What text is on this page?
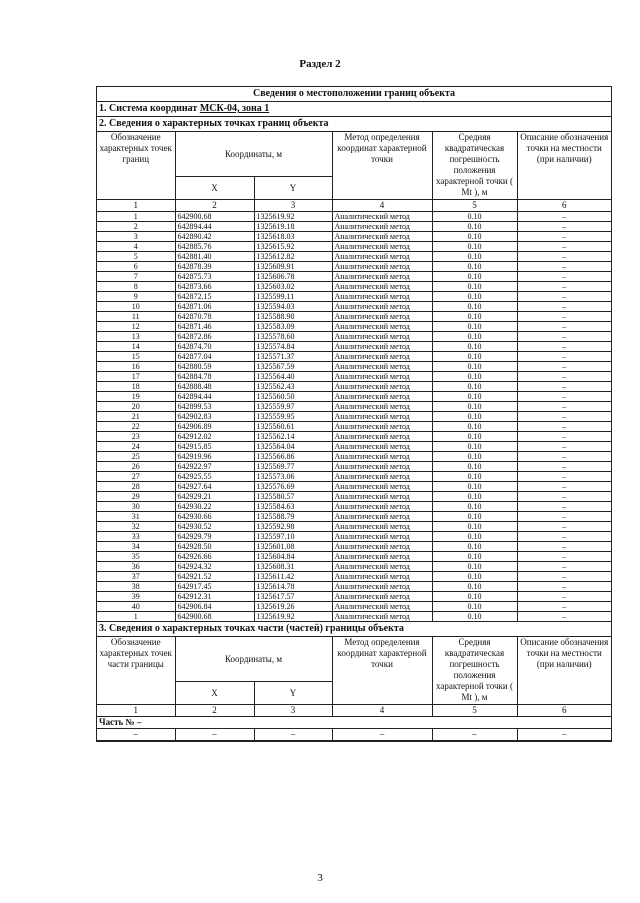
Раздел 2
Сведения о местоположении границ объекта
1. Система координат МСК-04, зона 1
2. Сведения о характерных точках границ объекта
Обозначение характерных точек границ	Координаты, м		Метод определения координат характерной точки	Средняя квадратическая погрешность положения характерной точки ( Mt ), м	Описание обозначения точки на местности (при наличии)
	X	Y			
1	2	3	4	5	6
1	642900.68	1325619.92	Аналитический метод	0.10	–
2	642894.44	1325619.18	Аналитический метод	0.10	–
3	642890.42	1325618.03	Аналитический метод	0.10	–
4	642885.76	1325615.92	Аналитический метод	0.10	–
5	642881.40	1325612.82	Аналитический метод	0.10	–
6	642878.39	1325609.91	Аналитический метод	0.10	–
7	642875.73	1325606.78	Аналитический метод	0.10	–
8	642873.66	1325603.02	Аналитический метод	0.10	–
9	642872.15	1325599.11	Аналитический метод	0.10	–
10	642871.06	1325594.03	Аналитический метод	0.10	–
11	642870.78	1325588.90	Аналитический метод	0.10	–
12	642871.46	1325583.09	Аналитический метод	0.10	–
13	642872.86	1325578.60	Аналитический метод	0.10	–
14	642874.70	1325574.84	Аналитический метод	0.10	–
15	642877.04	1325571.37	Аналитический метод	0.10	–
16	642880.59	1325567.59	Аналитический метод	0.10	–
17	642884.78	1325564.40	Аналитический метод	0.10	–
18	642888.48	1325562.43	Аналитический метод	0.10	–
19	642894.44	1325560.50	Аналитический метод	0.10	–
20	642899.53	1325559.97	Аналитический метод	0.10	–
21	642902.83	1325559.95	Аналитический метод	0.10	–
22	642906.89	1325560.61	Аналитический метод	0.10	–
23	642912.02	1325562.14	Аналитический метод	0.10	–
24	642915.85	1325564.04	Аналитический метод	0.10	–
25	642919.96	1325566.86	Аналитический метод	0.10	–
26	642922.97	1325569.77	Аналитический метод	0.10	–
27	642925.55	1325573.06	Аналитический метод	0.10	–
28	642927.64	1325576.69	Аналитический метод	0.10	–
29	642929.21	1325580.57	Аналитический метод	0.10	–
30	642930.22	1325584.63	Аналитический метод	0.10	–
31	642930.66	1325588.79	Аналитический метод	0.10	–
32	642930.52	1325592.98	Аналитический метод	0.10	–
33	642929.79	1325597.10	Аналитический метод	0.10	–
34	642928.50	1325601.08	Аналитический метод	0.10	–
35	642926.66	1325604.84	Аналитический метод	0.10	–
36	642924.32	1325608.31	Аналитический метод	0.10	–
37	642921.52	1325611.42	Аналитический метод	0.10	–
38	642917.45	1325614.78	Аналитический метод	0.10	–
39	642912.31	1325617.57	Аналитический метод	0.10	–
40	642906.84	1325619.26	Аналитический метод	0.10	–
1	642900.68	1325619.92	Аналитический метод	0.10	–
3. Сведения о характерных точках части (частей) границы объекта
Обозначение характерных точек части границы	Координаты, м		Метод определения координат характерной точки	Средняя квадратическая погрешность положения характерной точки ( Mt ), м	Описание обозначения точки на местности (при наличии)
	X	Y			
1	2	3	4	5	6
Часть № –					
–	–	–	–	–	–
3
